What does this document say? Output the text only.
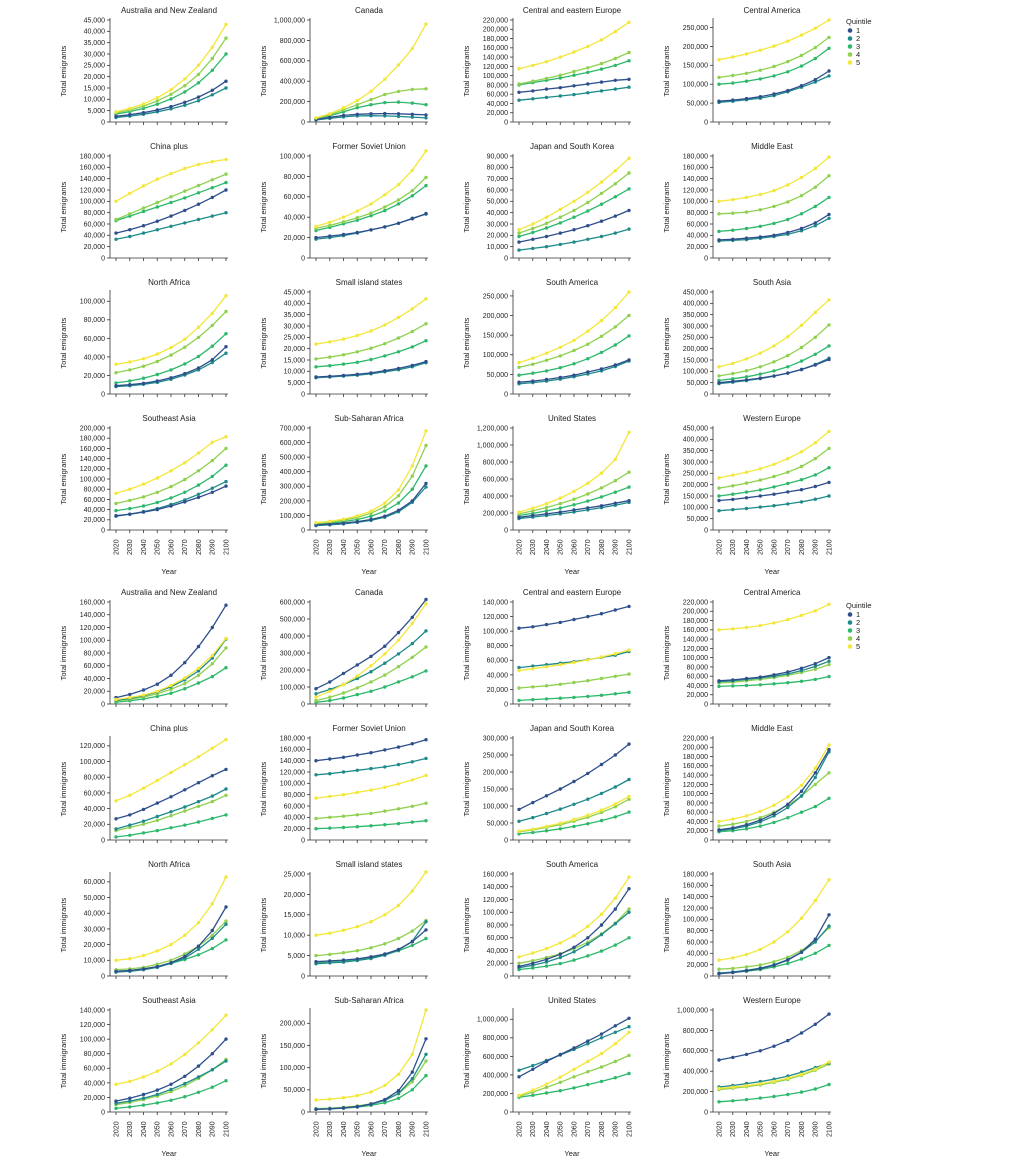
Australia and New Zealand
0
5,000
10,000
15,000
20,000
25,000
30,000
35,000
40,000
45,000
Total emigrants
Canada
0
200,000
400,000
600,000
800,000
1,000,000
Total emigrants
Central and eastern Europe
0
20,000
40,000
60,000
80,000
100,000
120,000
140,000
160,000
180,000
200,000
220,000
Total emigrants
Central America
0
50,000
100,000
150,000
200,000
250,000
Total emigrants
China plus
0
20,000
40,000
60,000
80,000
100,000
120,000
140,000
160,000
180,000
Total emigrants
Former Soviet Union
0
20,000
40,000
60,000
80,000
100,000
Total emigrants
Japan and South Korea
0
10,000
20,000
30,000
40,000
50,000
60,000
70,000
80,000
90,000
Total emigrants
Middle East
0
20,000
40,000
60,000
80,000
100,000
120,000
140,000
160,000
180,000
Total emigrants
North Africa
0
20,000
40,000
60,000
80,000
100,000
Total emigrants
Small island states
0
5,000
10,000
15,000
20,000
25,000
30,000
35,000
40,000
45,000
Total emigrants
South America
0
50,000
100,000
150,000
200,000
250,000
Total emigrants
South Asia
0
50,000
100,000
150,000
200,000
250,000
300,000
350,000
400,000
450,000
Total emigrants
Southeast Asia
0
20,000
40,000
60,000
80,000
100,000
120,000
140,000
160,000
180,000
200,000
2020 2030 2040 2050 2060 2070 2080 2090 2100
Year
Total emigrants
Sub-Saharan Africa
0
100,000
200,000
300,000
400,000
500,000
600,000
700,000
2020 2030 2040 2050 2060 2070 2080 2090 2100
Year
Total emigrants
United States
0
200,000
400,000
600,000
800,000
1,000,000
1,200,000
2020 2030 2040 2050 2060 2070 2080 2090 2100
Year
Total emigrants
Western Europe
0
50,000
100,000
150,000
200,000
250,000
300,000
350,000
400,000
450,000
2020 2030 2040 2050 2060 2070 2080 2090 2100
Year
Total emigrants
Australia and New Zealand
0
20,000
40,000
60,000
80,000
100,000
120,000
140,000
160,000
Total immigrants
Canada
0
100,000
200,000
300,000
400,000
500,000
600,000
Total immigrants
Central and eastern Europe
0
20,000
40,000
60,000
80,000
100,000
120,000
140,000
Total immigrants
Central America
0
20,000
40,000
60,000
80,000
100,000
120,000
140,000
160,000
180,000
200,000
220,000
Total immigrants
China plus
0
20,000
40,000
60,000
80,000
100,000
120,000
Total immigrants
Former Soviet Union
0
20,000
40,000
60,000
80,000
100,000
120,000
140,000
160,000
180,000
Total immigrants
Japan and South Korea
0
50,000
100,000
150,000
200,000
250,000
300,000
Total immigrants
Middle East
0
20,000
40,000
60,000
80,000
100,000
120,000
140,000
160,000
180,000
200,000
220,000
Total immigrants
North Africa
0
10,000
20,000
30,000
40,000
50,000
60,000
Total immigrants
Small island states
0
5,000
10,000
15,000
20,000
25,000
Total immigrants
South America
0
20,000
40,000
60,000
80,000
100,000
120,000
140,000
160,000
Total immigrants
South Asia
0
20,000
40,000
60,000
80,000
100,000
120,000
140,000
160,000
180,000
Total immigrants
Southeast Asia
0
20,000
40,000
60,000
80,000
100,000
120,000
140,000
2020 2030 2040 2050 2060 2070 2080 2090 2100
Year
Total immigrants
Sub-Saharan Africa
0
50,000
100,000
150,000
200,000
2020 2030 2040 2050 2060 2070 2080 2090 2100
Year
Total immigrants
United States
0
200,000
400,000
600,000
800,000
1,000,000
2020 2030 2040 2050 2060 2070 2080 2090 2100
Year
Total immigrants
Western Europe
0
200,000
400,000
600,000
800,000
1,000,000
2020 2030 2040 2050 2060 2070 2080 2090 2100
Year
Total immigrants
Quintile
1
2
3
4
5
Quintile
1
2
3
4
5
